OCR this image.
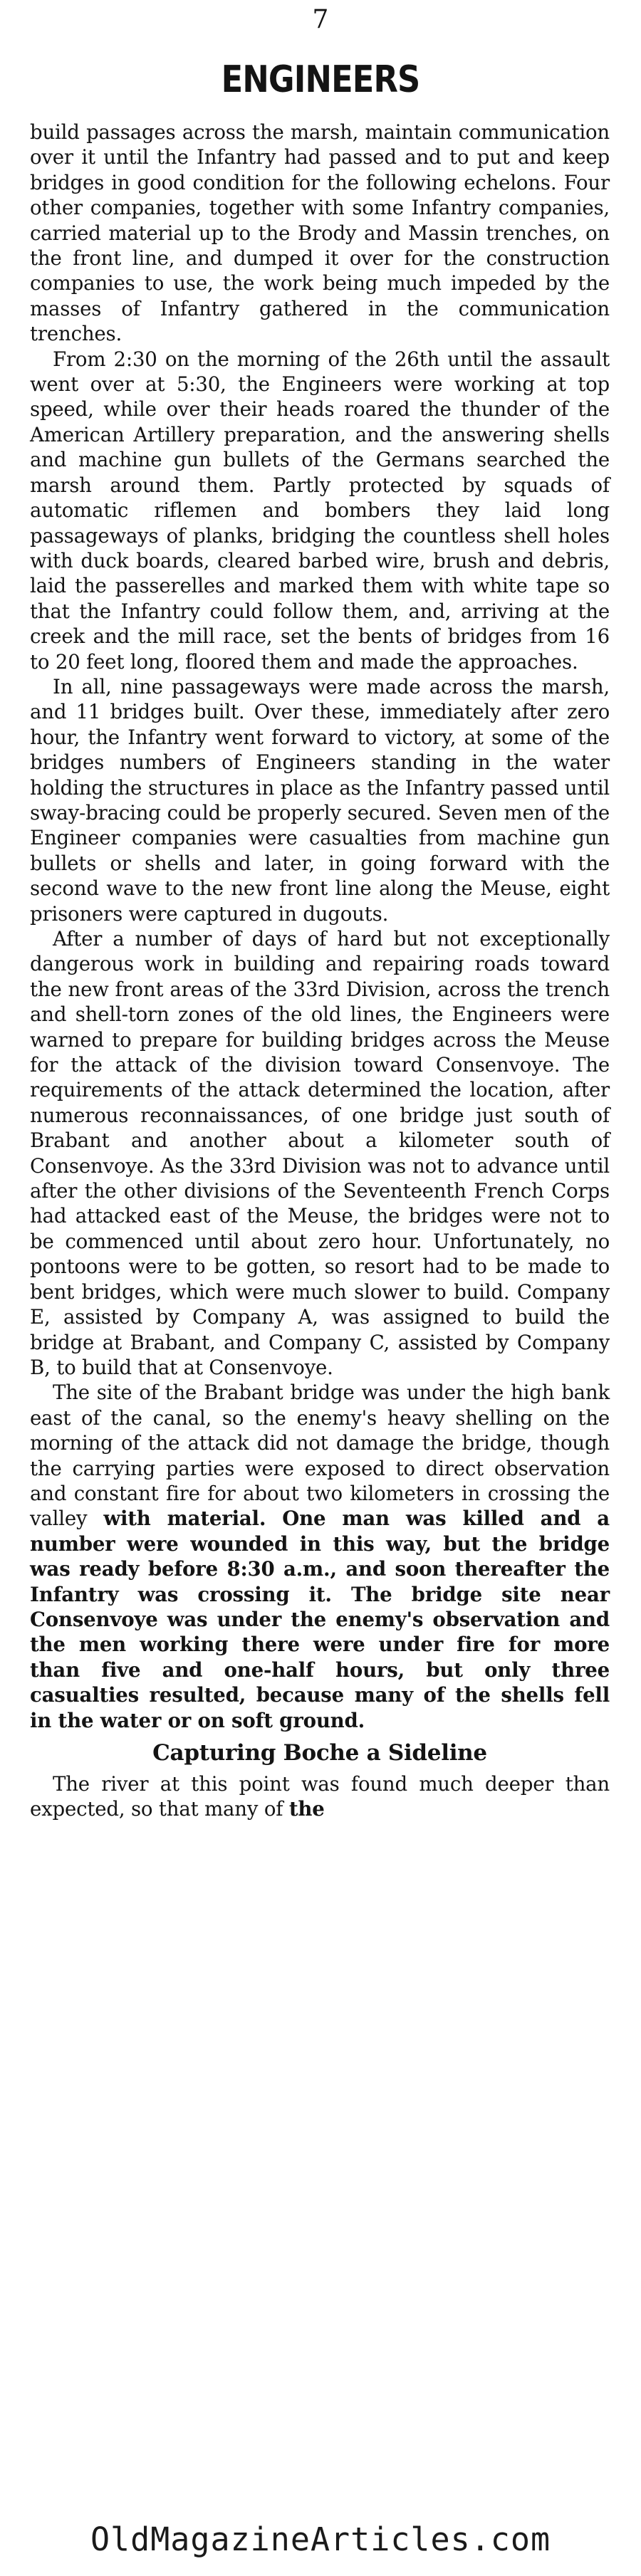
7
ENGINEERS

build passages across the marsh, maintain communication over it until the Infantry had passed and to put and keep bridges in good condition for the following echelons. Four other companies, together with some Infantry companies, carried material up to the Brody and Massin trenches, on the front line, and dumped it over for the construction companies to use, the work being much impeded by the masses of Infantry gathered in the communication trenches.

From 2:30 on the morning of the 26th until the assault went over at 5:30, the Engineers were working at top speed, while over their heads roared the thunder of the American Artillery preparation, and the answering shells and machine gun bullets of the Germans searched the marsh around them. Partly protected by squads of automatic riflemen and bombers they laid long passageways of planks, bridging the countless shell holes with duck boards, cleared barbed wire, brush and debris, laid the passerelles and marked them with white tape so that the Infantry could follow them, and, arriving at the creek and the mill race, set the bents of bridges from 16 to 20 feet long, floored them and made the approaches.

In all, nine passageways were made across the marsh, and 11 bridges built. Over these, immediately after zero hour, the Infantry went forward to victory, at some of the bridges numbers of Engineers standing in the water holding the structures in place as the Infantry passed until sway-bracing could be properly secured. Seven men of the Engineer companies were casualties from machine gun bullets or shells and later, in going forward with the second wave to the new front line along the Meuse, eight prisoners were captured in dugouts.

After a number of days of hard but not exceptionally dangerous work in building and repairing roads toward the new front areas of the 33rd Division, across the trench and shell-torn zones of the old lines, the Engineers were warned to prepare for building bridges across the Meuse for the attack of the division toward Consenvoye. The requirements of the attack determined the location, after numerous reconnaissances, of one bridge just south of Brabant and another about a kilometer south of Consenvoye. As the 33rd Division was not to advance until after the other divisions of the Seventeenth French Corps had attacked east of the Meuse, the bridges were not to be commenced until about zero hour. Unfortunately, no pontoons were to be gotten, so resort had to be made to bent bridges, which were much slower to build. Company E, assisted by Company A, was assigned to build the bridge at Brabant, and Company C, assisted by Company B, to build that at Consenvoye.

The site of the Brabant bridge was under the high bank east of the canal, so the enemy's heavy shelling on the morning of the attack did not damage the bridge, though the carrying parties were exposed to direct observation and constant fire for about two kilometers in crossing the valley with material. One man was killed and a number were wounded in this way, but the bridge was ready before 8:30 a.m., and soon thereafter the Infantry was crossing it. The bridge site near Consenvoye was under the enemy's observation and the men working there were under fire for more than five and one-half hours, but only three casualties resulted, because many of the shells fell in the water or on soft ground.

Capturing Boche a Sideline

The river at this point was found much deeper than expected, so that many of the

OldMagazineArticles.com
